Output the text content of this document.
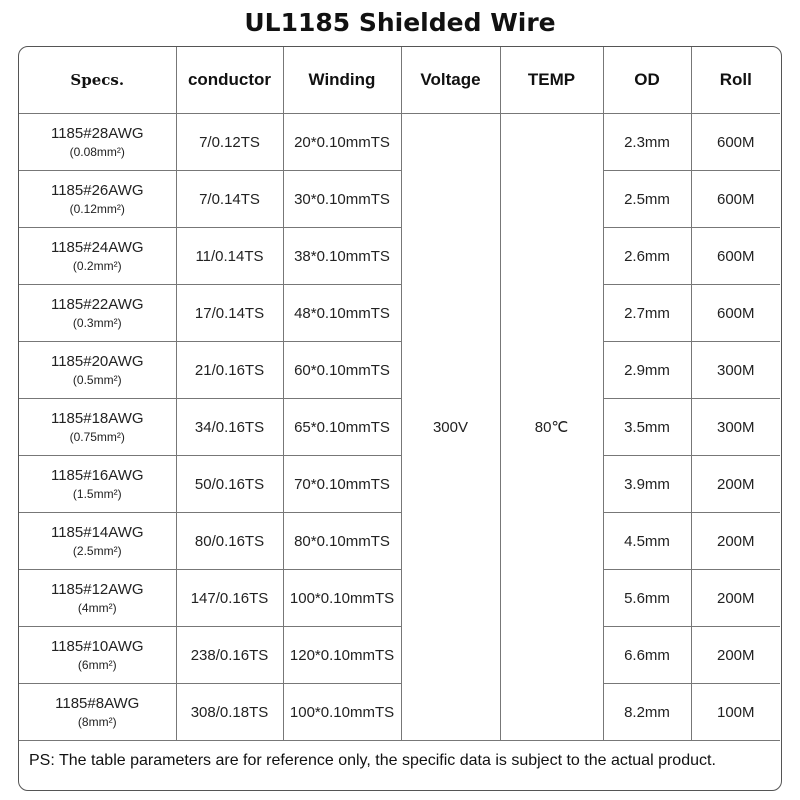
UL1185 Shielded Wire
Specs.	conductor	Winding	Voltage	TEMP	OD	Roll

1185#28AWG
(0.08mm²)	7/0.12TS	20*0.10mmTS	300V	80℃	2.3mm	600M

1185#26AWG
(0.12mm²)	7/0.14TS	30*0.10mmTS			2.5mm	600M

1185#24AWG
(0.2mm²)	11/0.14TS	38*0.10mmTS			2.6mm	600M

1185#22AWG
(0.3mm²)	17/0.14TS	48*0.10mmTS			2.7mm	600M

1185#20AWG
(0.5mm²)	21/0.16TS	60*0.10mmTS			2.9mm	300M

1185#18AWG
(0.75mm²)	34/0.16TS	65*0.10mmTS			3.5mm	300M

1185#16AWG
(1.5mm²)	50/0.16TS	70*0.10mmTS			3.9mm	200M

1185#14AWG
(2.5mm²)	80/0.16TS	80*0.10mmTS			4.5mm	200M

1185#12AWG
(4mm²)	147/0.16TS	100*0.10mmTS			5.6mm	200M

1185#10AWG
(6mm²)	238/0.16TS	120*0.10mmTS			6.6mm	200M

1185#8AWG
(8mm²)	308/0.18TS	100*0.10mmTS			8.2mm	100M
PS: The table parameters are for reference only, the specific data is subject to the actual product.
